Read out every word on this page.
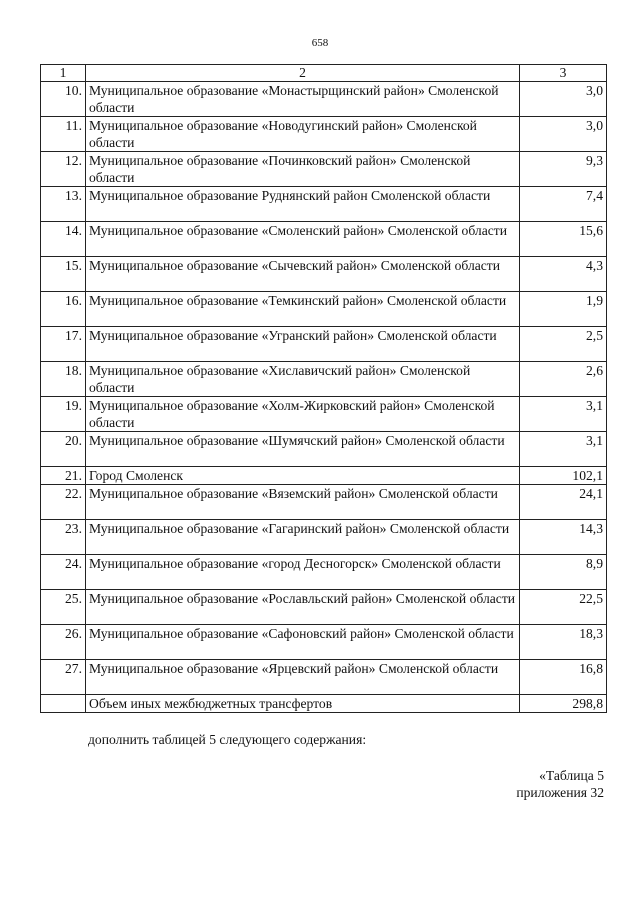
658
1	2	3
10.	Муниципальное образование «Монастырщинский район» Смоленской области	3,0
11.	Муниципальное образование «Новодугинский район» Смоленской области	3,0
12.	Муниципальное образование «Починковский район» Смоленской области	9,3
13.	Муниципальное образование Руднянский район Смоленской области	7,4
14.	Муниципальное образование «Смоленский район» Смоленской области	15,6
15.	Муниципальное образование «Сычевский район» Смоленской области	4,3
16.	Муниципальное образование «Темкинский район» Смоленской области	1,9
17.	Муниципальное образование «Угранский район» Смоленской области	2,5
18.	Муниципальное образование «Хиславичский район» Смоленской области	2,6
19.	Муниципальное образование «Холм-Жирковский район» Смоленской области	3,1
20.	Муниципальное образование «Шумячский район» Смоленской области	3,1
21.	Город Смоленск	102,1
22.	Муниципальное образование «Вяземский район» Смоленской области	24,1
23.	Муниципальное образование «Гагаринский район» Смоленской области	14,3
24.	Муниципальное образование «город Десногорск» Смоленской области	8,9
25.	Муниципальное образование «Рославльский район» Смоленской области	22,5
26.	Муниципальное образование «Сафоновский район» Смоленской области	18,3
27.	Муниципальное образование «Ярцевский район» Смоленской области	16,8
	Объем иных межбюджетных трансфертов	298,8
дополнить таблицей 5 следующего содержания:
«Таблица 5
приложения 32
